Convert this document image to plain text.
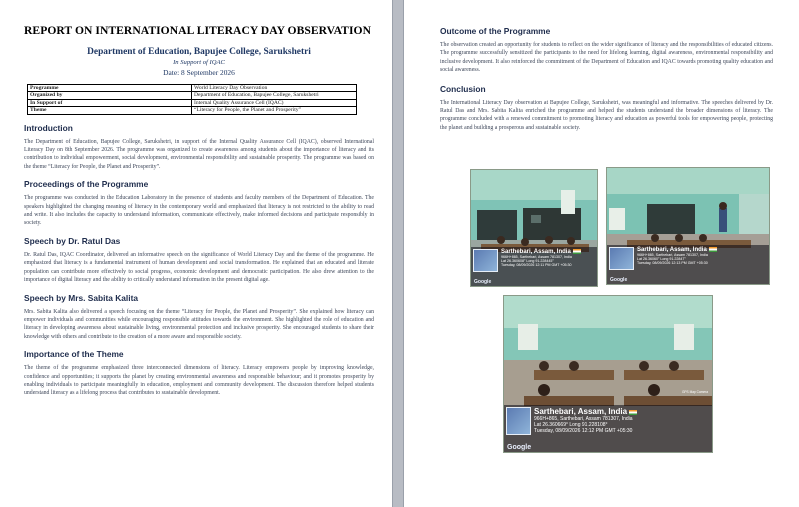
REPORT ON INTERNATIONAL LITERACY DAY OBSERVATION
Department of Education, Bapujee College, Sarukshetri
In Support of IQAC
Date: 8 September 2026
Programme	World Literacy Day Observation
Organized by	Department of Education, Bapujee College, Sarukshetri
In Support of	Internal Quality Assurance Cell (IQAC)
Theme	“Literacy for People, the Planet and Prosperity”
Introduction

The Department of Education, Bapujee College, Sarukshetri, in support of the Internal Quality Assurance Cell (IQAC), observed International Literacy Day on 8th September 2026. The programme was organized to create awareness among students about the importance of literacy and its contribution to individual empowerment, social development, environmental responsibility and sustainable prosperity. The programme was based on the theme “Literacy for People, the Planet and Prosperity”.

Proceedings of the Programme

The programme was conducted in the Education Laboratory in the presence of students and faculty members of the Department of Education. The speakers highlighted the changing meaning of literacy in the contemporary world and emphasized that literacy is not restricted to the ability to read and write. It also includes the capacity to understand information, communicate effectively, make informed decisions and participate responsibly in society.

Speech by Dr. Ratul Das

Dr. Ratul Das, IQAC Coordinator, delivered an informative speech on the significance of World Literacy Day and the theme of the programme. He emphasized that literacy is a fundamental instrument of human development and social transformation. He explained that an educated and literate population can contribute more effectively to social progress, economic development and democratic participation. He also drew attention to the importance of digital literacy and the ability to critically understand information in the present digital age.

Speech by Mrs. Sabita Kalita

Mrs. Sabita Kalita also delivered a speech focusing on the theme “Literacy for People, the Planet and Prosperity”. She explained how literacy can empower individuals and communities while encouraging responsible attitudes towards the environment. She highlighted the role of education and literacy in developing awareness about sustainable living, environmental protection and inclusive prosperity. She encouraged students to share their knowledge with others and contribute to the creation of a more aware and responsible society.

Importance of the Theme

The theme of the programme emphasized three interconnected dimensions of literacy. Literacy empowers people by improving knowledge, confidence and opportunities; it supports the planet by creating environmental awareness and responsible behaviour; and it promotes prosperity by enabling individuals to participate meaningfully in education, employment and community development. The discussion therefore helped students understand literacy as a lifelong process that contributes to sustainable development.

Outcome of the Programme

The observation created an opportunity for students to reflect on the wider significance of literacy and the responsibilities of educated citizens. The programme successfully sensitized the participants to the need for lifelong learning, digital awareness, environmental responsibility and inclusive development. It also reinforced the commitment of the Department of Education and IQAC towards promoting quality education and social awareness.

Conclusion

The International Literacy Day observation at Bapujee College, Sarukshetri, was meaningful and informative. The speeches delivered by Dr. Ratul Das and Mrs. Sabita Kalita enriched the programme and helped the students understand the broader dimensions of literacy. The programme concluded with a renewed commitment to promoting literacy and education as powerful tools for empowering people, protecting the planet and building a prosperous and sustainable society.

Sarthebari, Assam, India
966H+865, Sarthebari, Assam 781307, India
Lat 26.360608° Long 91.228445°
Tuesday, 08/09/2026 12:11 PM GMT +05:30
Google
Sarthebari, Assam, India
966H+865, Sarthebari, Assam 781307, India
Lat 26.36060° Long 91.22847°
Tuesday, 08/09/2026 12:13 PM GMT +05:30
Google
GPS Map Camera
Sarthebari, Assam, India
966H+865, Sarthebari, Assam 781307, India
Lat 26.360669° Long 91.228108°
Tuesday, 08/09/2026 12:12 PM GMT +05:30
Google
